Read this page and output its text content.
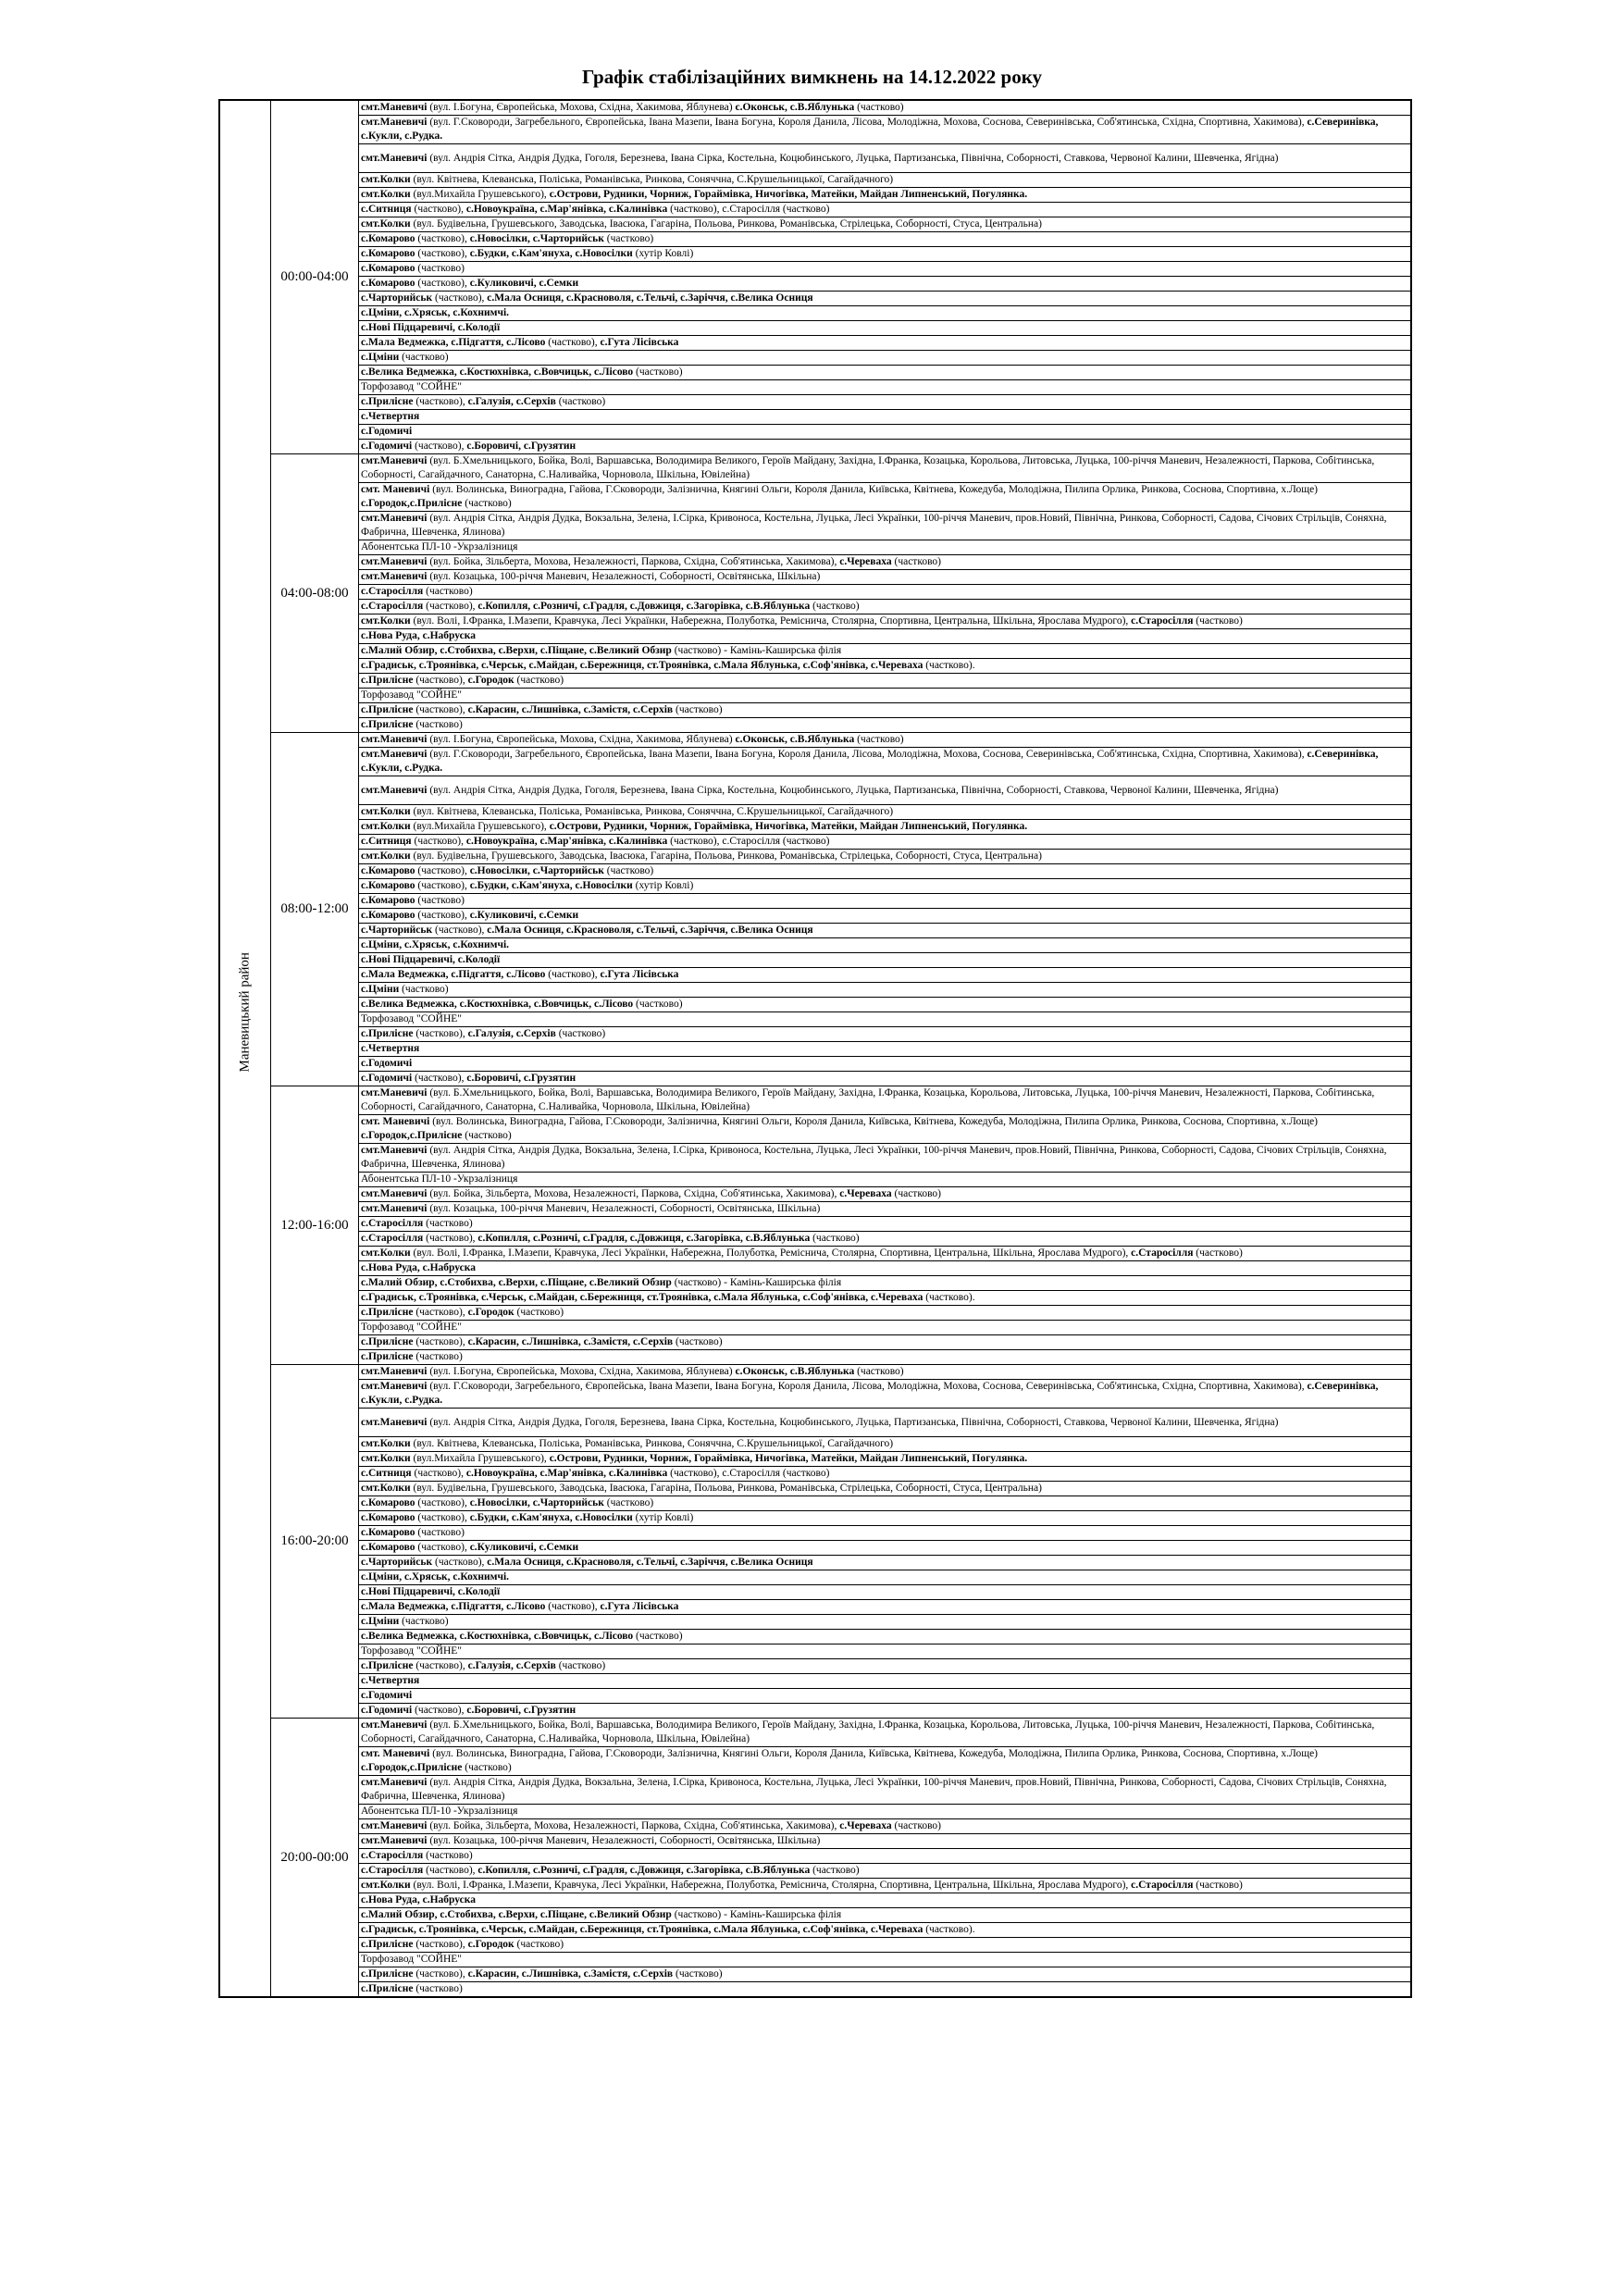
Графік стабілізаційних вимкнень на 14.12.2022 року
Маневицький район	00:00-04:00	смт.Маневичі (вул. І.Богуна, Європейська, Мохова, Східна, Хакимова, Яблунева) с.Оконськ, с.В.Яблунька (частково)
		смт.Маневичі (вул. Г.Сковороди, Загребельного, Європейська, Івана Мазепи, Івана Богуна, Короля Данила, Лісова, Молодіжна, Мохова, Соснова, Северинівська, Соб'ятинська, Східна, Спортивна, Хакимова), с.Северинівка, с.Кукли, с.Рудка.
		смт.Маневичі (вул. Андрія Сітка, Андрія Дудка, Гоголя, Березнева, Івана Сірка, Костельна, Коцюбинського, Луцька, Партизанська, Північна, Соборності, Ставкова, Червоної Калини, Шевченка, Ягідна)
		смт.Колки (вул. Квітнева, Клеванська, Поліська, Романівська, Ринкова, Соняччна, С.Крушельницької, Сагайдачного)
		смт.Колки (вул.Михайла Грушевського), с.Острови, Рудники, Чорниж, Гораймівка, Ничогівка, Матейки, Майдан Липненський, Погулянка.
		с.Ситниця (частково), с.Новоукраїна, с.Мар'янівка, с.Калинівка (частково), с.Старосілля (частково)
		смт.Колки (вул. Будівельна, Грушевського, Заводська, Івасюка, Гагаріна, Польова, Ринкова, Романівська, Стрілецька, Соборності, Стуса, Центральна)
		с.Комарово (частково), с.Новосілки, с.Чарторийськ (частково)
		с.Комарово (частково), с.Будки, с.Кам'януха, с.Новосілки (хутір Ковлі)
		с.Комарово (частково)
		с.Комарово (частково), с.Куликовичі, с.Семки
		с.Чарторийськ (частково), с.Мала Осниця, с.Красноволя, с.Тельчі, с.Заріччя, с.Велика Осниця
		с.Цміни, с.Хряськ, с.Кохнимчі.
		с.Нові Підцаревичі, с.Колодії
		с.Мала Ведмежка, с.Підгаття, с.Лісово (частково), с.Гута Лісівська
		с.Цміни (частково)
		с.Велика Ведмежка, с.Костюхнівка, с.Вовчицьк, с.Лісово (частково)
		Торфозавод "СОЙНЕ"
		с.Прилісне (частково), с.Галузія, с.Серхів (частково)
		с.Четвертня
		с.Годомичі
		с.Годомичі (частково), с.Боровичі, с.Грузятин
	04:00-08:00	смт.Маневичі (вул. Б.Хмельницького, Бойка, Волі, Варшавська, Володимира Великого, Героїв Майдану, Західна, І.Франка, Козацька, Корольова, Литовська, Луцька, 100-річчя Маневич, Незалежності, Паркова, Собітинська, Соборності, Сагайдачного, Санаторна, С.Наливайка, Чорновола, Шкільна, Ювілейна)
		смт. Маневичі (вул. Волинська, Виноградна, Гайова, Г.Сковороди, Залізнична, Княгині Ольги, Короля Данила, Київська, Квітнева, Кожедуба, Молодіжна, Пилипа Орлика, Ринкова, Соснова, Спортивна, х.Лоще) с.Городок,с.Прилісне (частково)
		смт.Маневичі (вул. Андрія Сітка, Андрія Дудка, Вокзальна, Зелена, І.Сірка, Кривоноса, Костельна, Луцька, Лесі Українки, 100-річчя Маневич, пров.Новий, Північна, Ринкова, Соборності, Садова, Січових Стрільців, Соняхна, Фабрична, Шевченка, Ялинова)
		Абонентська ПЛ-10 -Укрзалізниця
		смт.Маневичі (вул. Бойка, Зільберта, Мохова, Незалежності, Паркова, Східна, Соб'ятинська, Хакимова), с.Череваха (частково)
		смт.Маневичі (вул. Козацька, 100-річчя Маневич, Незалежності, Соборності, Освітянська, Шкільна)
		с.Старосілля (частково)
		с.Старосілля (частково), с.Копилля, с.Розничі, с.Градля, с.Довжиця, с.Загорівка, с.В.Яблунька (частково)
		смт.Колки (вул. Волі, І.Франка, І.Мазепи, Кравчука, Лесі Українки, Набережна, Полуботка, Ремісничa, Столярна, Спортивна, Центральна, Шкільна, Ярослава Мудрого), с.Старосілля (частково)
		с.Нова Руда, с.Набруска
		с.Малий Обзир, с.Стобихва, с.Верхи, с.Піщане, с.Великий Обзир (частково) - Камінь-Каширська філія
		с.Градиськ, с.Троянівка, с.Черськ, с.Майдан, с.Бережниця, ст.Троянівка, с.Мала Яблунька, с.Соф'янівка, с.Череваха (частково).
		с.Прилісне (частково), с.Городок (частково)
		Торфозавод "СОЙНЕ"
		с.Прилісне (частково), с.Карасин, с.Лишнівка, с.Замістя, с.Серхів (частково)
		с.Прилісне (частково)
	08:00-12:00	смт.Маневичі (вул. І.Богуна, Європейська, Мохова, Східна, Хакимова, Яблунева) с.Оконськ, с.В.Яблунька (частково)
		смт.Маневичі (вул. Г.Сковороди, Загребельного, Європейська, Івана Мазепи, Івана Богуна, Короля Данила, Лісова, Молодіжна, Мохова, Соснова, Северинівська, Соб'ятинська, Східна, Спортивна, Хакимова), с.Северинівка, с.Кукли, с.Рудка.
		смт.Маневичі (вул. Андрія Сітка, Андрія Дудка, Гоголя, Березнева, Івана Сірка, Костельна, Коцюбинського, Луцька, Партизанська, Північна, Соборності, Ставкова, Червоної Калини, Шевченка, Ягідна)
		смт.Колки (вул. Квітнева, Клеванська, Поліська, Романівська, Ринкова, Соняччна, С.Крушельницької, Сагайдачного)
		смт.Колки (вул.Михайла Грушевського), с.Острови, Рудники, Чорниж, Гораймівка, Ничогівка, Матейки, Майдан Липненський, Погулянка.
		с.Ситниця (частково), с.Новоукраїна, с.Мар'янівка, с.Калинівка (частково), с.Старосілля (частково)
		смт.Колки (вул. Будівельна, Грушевського, Заводська, Івасюка, Гагаріна, Польова, Ринкова, Романівська, Стрілецька, Соборності, Стуса, Центральна)
		с.Комарово (частково), с.Новосілки, с.Чарторийськ (частково)
		с.Комарово (частково), с.Будки, с.Кам'януха, с.Новосілки (хутір Ковлі)
		с.Комарово (частково)
		с.Комарово (частково), с.Куликовичі, с.Семки
		с.Чарторийськ (частково), с.Мала Осниця, с.Красноволя, с.Тельчі, с.Заріччя, с.Велика Осниця
		с.Цміни, с.Хряськ, с.Кохнимчі.
		с.Нові Підцаревичі, с.Колодії
		с.Мала Ведмежка, с.Підгаття, с.Лісово (частково), с.Гута Лісівська
		с.Цміни (частково)
		с.Велика Ведмежка, с.Костюхнівка, с.Вовчицьк, с.Лісово (частково)
		Торфозавод "СОЙНЕ"
		с.Прилісне (частково), с.Галузія, с.Серхів (частково)
		с.Четвертня
		с.Годомичі
		с.Годомичі (частково), с.Боровичі, с.Грузятин
	12:00-16:00	смт.Маневичі (вул. Б.Хмельницького, Бойка, Волі, Варшавська, Володимира Великого, Героїв Майдану, Західна, І.Франка, Козацька, Корольова, Литовська, Луцька, 100-річчя Маневич, Незалежності, Паркова, Собітинська, Соборності, Сагайдачного, Санаторна, С.Наливайка, Чорновола, Шкільна, Ювілейна)
		смт. Маневичі (вул. Волинська, Виноградна, Гайова, Г.Сковороди, Залізнична, Княгині Ольги, Короля Данила, Київська, Квітнева, Кожедуба, Молодіжна, Пилипа Орлика, Ринкова, Соснова, Спортивна, х.Лоще) с.Городок,с.Прилісне (частково)
		смт.Маневичі (вул. Андрія Сітка, Андрія Дудка, Вокзальна, Зелена, І.Сірка, Кривоноса, Костельна, Луцька, Лесі Українки, 100-річчя Маневич, пров.Новий, Північна, Ринкова, Соборності, Садова, Січових Стрільців, Соняхна, Фабрична, Шевченка, Ялинова)
		Абонентська ПЛ-10 -Укрзалізниця
		смт.Маневичі (вул. Бойка, Зільберта, Мохова, Незалежності, Паркова, Східна, Соб'ятинська, Хакимова), с.Череваха (частково)
		смт.Маневичі (вул. Козацька, 100-річчя Маневич, Незалежності, Соборності, Освітянська, Шкільна)
		с.Старосілля (частково)
		с.Старосілля (частково), с.Копилля, с.Розничі, с.Градля, с.Довжиця, с.Загорівка, с.В.Яблунька (частково)
		смт.Колки (вул. Волі, І.Франка, І.Мазепи, Кравчука, Лесі Українки, Набережна, Полуботка, Ремісничa, Столярна, Спортивна, Центральна, Шкільна, Ярослава Мудрого), с.Старосілля (частково)
		с.Нова Руда, с.Набруска
		с.Малий Обзир, с.Стобихва, с.Верхи, с.Піщане, с.Великий Обзир (частково) - Камінь-Каширська філія
		с.Градиськ, с.Троянівка, с.Черськ, с.Майдан, с.Бережниця, ст.Троянівка, с.Мала Яблунька, с.Соф'янівка, с.Череваха (частково).
		с.Прилісне (частково), с.Городок (частково)
		Торфозавод "СОЙНЕ"
		с.Прилісне (частково), с.Карасин, с.Лишнівка, с.Замістя, с.Серхів (частково)
		с.Прилісне (частково)
	16:00-20:00	смт.Маневичі (вул. І.Богуна, Європейська, Мохова, Східна, Хакимова, Яблунева) с.Оконськ, с.В.Яблунька (частково)
		смт.Маневичі (вул. Г.Сковороди, Загребельного, Європейська, Івана Мазепи, Івана Богуна, Короля Данила, Лісова, Молодіжна, Мохова, Соснова, Северинівська, Соб'ятинська, Східна, Спортивна, Хакимова), с.Северинівка, с.Кукли, с.Рудка.
		смт.Маневичі (вул. Андрія Сітка, Андрія Дудка, Гоголя, Березнева, Івана Сірка, Костельна, Коцюбинського, Луцька, Партизанська, Північна, Соборності, Ставкова, Червоної Калини, Шевченка, Ягідна)
		смт.Колки (вул. Квітнева, Клеванська, Поліська, Романівська, Ринкова, Соняччна, С.Крушельницької, Сагайдачного)
		смт.Колки (вул.Михайла Грушевського), с.Острови, Рудники, Чорниж, Гораймівка, Ничогівка, Матейки, Майдан Липненський, Погулянка.
		с.Ситниця (частково), с.Новоукраїна, с.Мар'янівка, с.Калинівка (частково), с.Старосілля (частково)
		смт.Колки (вул. Будівельна, Грушевського, Заводська, Івасюка, Гагаріна, Польова, Ринкова, Романівська, Стрілецька, Соборності, Стуса, Центральна)
		с.Комарово (частково), с.Новосілки, с.Чарторийськ (частково)
		с.Комарово (частково), с.Будки, с.Кам'януха, с.Новосілки (хутір Ковлі)
		с.Комарово (частково)
		с.Комарово (частково), с.Куликовичі, с.Семки
		с.Чарторийськ (частково), с.Мала Осниця, с.Красноволя, с.Тельчі, с.Заріччя, с.Велика Осниця
		с.Цміни, с.Хряськ, с.Кохнимчі.
		с.Нові Підцаревичі, с.Колодії
		с.Мала Ведмежка, с.Підгаття, с.Лісово (частково), с.Гута Лісівська
		с.Цміни (частково)
		с.Велика Ведмежка, с.Костюхнівка, с.Вовчицьк, с.Лісово (частково)
		Торфозавод "СОЙНЕ"
		с.Прилісне (частково), с.Галузія, с.Серхів (частково)
		с.Четвертня
		с.Годомичі
		с.Годомичі (частково), с.Боровичі, с.Грузятин
	20:00-00:00	смт.Маневичі (вул. Б.Хмельницького, Бойка, Волі, Варшавська, Володимира Великого, Героїв Майдану, Західна, І.Франка, Козацька, Корольова, Литовська, Луцька, 100-річчя Маневич, Незалежності, Паркова, Собітинська, Соборності, Сагайдачного, Санаторна, С.Наливайка, Чорновола, Шкільна, Ювілейна)
		смт. Маневичі (вул. Волинська, Виноградна, Гайова, Г.Сковороди, Залізнична, Княгині Ольги, Короля Данила, Київська, Квітнева, Кожедуба, Молодіжна, Пилипа Орлика, Ринкова, Соснова, Спортивна, х.Лоще) с.Городок,с.Прилісне (частково)
		смт.Маневичі (вул. Андрія Сітка, Андрія Дудка, Вокзальна, Зелена, І.Сірка, Кривоноса, Костельна, Луцька, Лесі Українки, 100-річчя Маневич, пров.Новий, Північна, Ринкова, Соборності, Садова, Січових Стрільців, Соняхна, Фабрична, Шевченка, Ялинова)
		Абонентська ПЛ-10 -Укрзалізниця
		смт.Маневичі (вул. Бойка, Зільберта, Мохова, Незалежності, Паркова, Східна, Соб'ятинська, Хакимова), с.Череваха (частково)
		смт.Маневичі (вул. Козацька, 100-річчя Маневич, Незалежності, Соборності, Освітянська, Шкільна)
		с.Старосілля (частково)
		с.Старосілля (частково), с.Копилля, с.Розничі, с.Градля, с.Довжиця, с.Загорівка, с.В.Яблунька (частково)
		смт.Колки (вул. Волі, І.Франка, І.Мазепи, Кравчука, Лесі Українки, Набережна, Полуботка, Ремісничa, Столярна, Спортивна, Центральна, Шкільна, Ярослава Мудрого), с.Старосілля (частково)
		с.Нова Руда, с.Набруска
		с.Малий Обзир, с.Стобихва, с.Верхи, с.Піщане, с.Великий Обзир (частково) - Камінь-Каширська філія
		с.Градиськ, с.Троянівка, с.Черськ, с.Майдан, с.Бережниця, ст.Троянівка, с.Мала Яблунька, с.Соф'янівка, с.Череваха (частково).
		с.Прилісне (частково), с.Городок (частково)
		Торфозавод "СОЙНЕ"
		с.Прилісне (частково), с.Карасин, с.Лишнівка, с.Замістя, с.Серхів (частково)
		с.Прилісне (частково)
